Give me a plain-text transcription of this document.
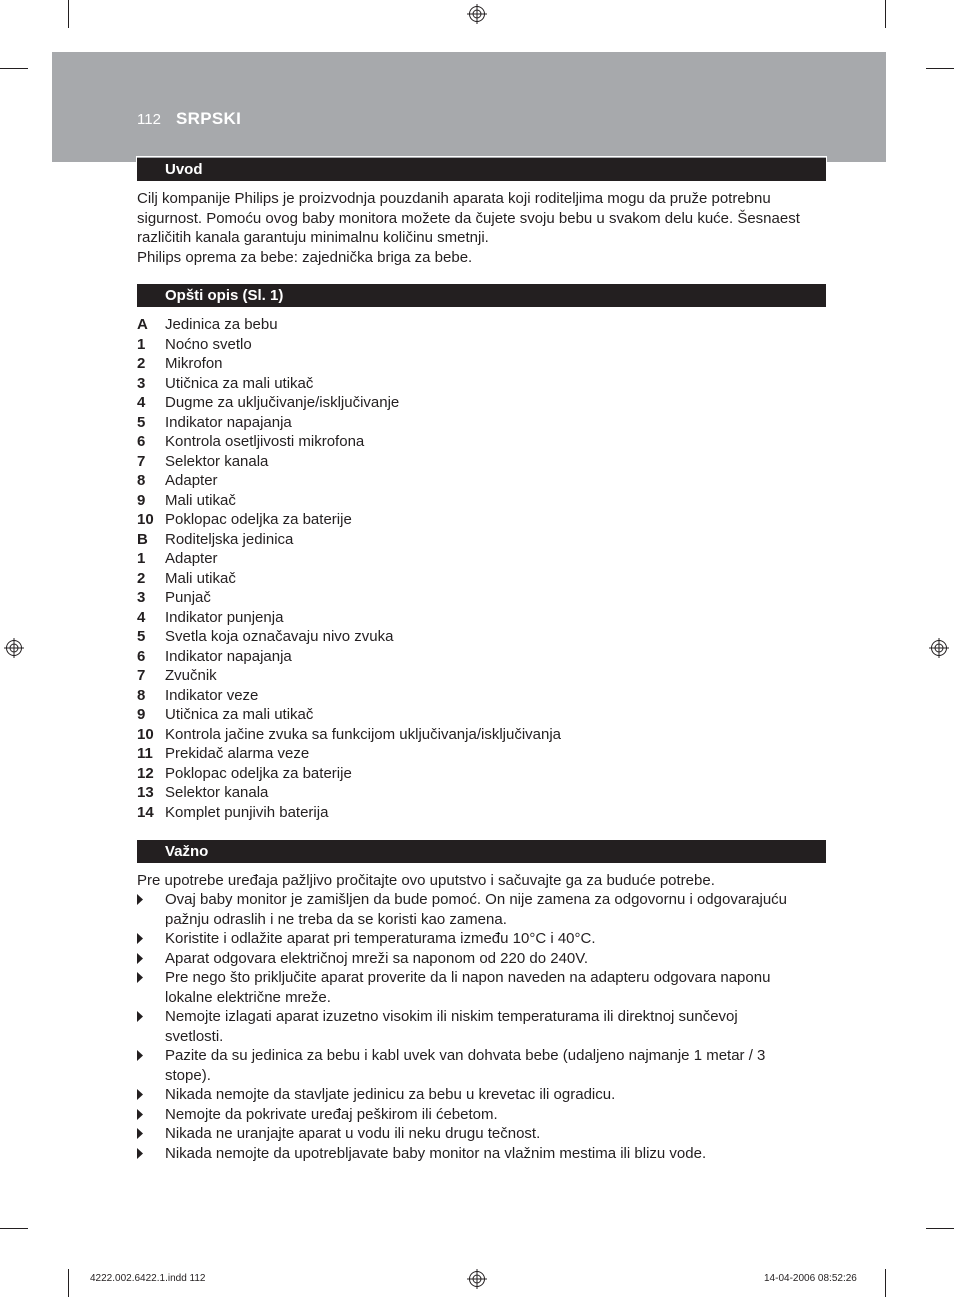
112 SRPSKI
Uvod
Cilj kompanije Philips je proizvodnja pouzdanih aparata koji roditeljima mogu da pruže potrebnu
sigurnost. Pomoću ovog baby monitora možete da čujete svoju bebu u svakom delu kuće. Šesnaest
različitih kanala garantuju minimalnu količinu smetnji.
Philips oprema za bebe: zajednička briga za bebe.
Opšti opis (Sl. 1)
A Jedinica za bebu
1 Noćno svetlo
2 Mikrofon
3 Utičnica za mali utikač
4 Dugme za uključivanje/isključivanje
5 Indikator napajanja
6 Kontrola osetljivosti mikrofona
7 Selektor kanala
8 Adapter
9 Mali utikač
10 Poklopac odeljka za baterije
B Roditeljska jedinica
1 Adapter
2 Mali utikač
3 Punjač
4 Indikator punjenja
5 Svetla koja označavaju nivo zvuka
6 Indikator napajanja
7 Zvučnik
8 Indikator veze
9 Utičnica za mali utikač
10 Kontrola jačine zvuka sa funkcijom uključivanja/isključivanja
11 Prekidač alarma veze
12 Poklopac odeljka za baterije
13 Selektor kanala
14 Komplet punjivih baterija
Važno
Pre upotrebe uređaja pažljivo pročitajte ovo uputstvo i sačuvajte ga za buduće potrebe.
Ovaj baby monitor je zamišljen da bude pomoć. On nije zamena za odgovornu i odgovarajuću
pažnju odraslih i ne treba da se koristi kao zamena.
Koristite i odlažite aparat pri temperaturama između 10°C i 40°C.
Aparat odgovara električnoj mreži sa naponom od 220 do 240V.
Pre nego što priključite aparat proverite da li napon naveden na adapteru odgovara naponu
lokalne električne mreže.
Nemojte izlagati aparat izuzetno visokim ili niskim temperaturama ili direktnoj sunčevoj
svetlosti.
Pazite da su jedinica za bebu i kabl uvek van dohvata bebe (udaljeno najmanje 1 metar / 3
stope).
Nikada nemojte da stavljate jedinicu za bebu u krevetac ili ogradicu.
Nemojte da pokrivate uređaj peškirom ili ćebetom.
Nikada ne uranjajte aparat u vodu ili neku drugu tečnost.
Nikada nemojte da upotrebljavate baby monitor na vlažnim mestima ili blizu vode.
4222.002.6422.1.indd 112	14-04-2006 08:52:26
